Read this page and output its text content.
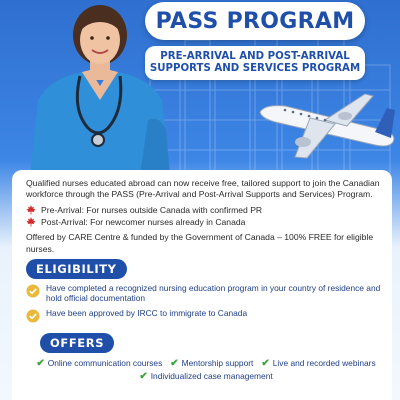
PASS PROGRAM
PRE-ARRIVAL AND POST-ARRIVAL
SUPPORTS AND SERVICES PROGRAM

Qualified nurses educated abroad can now receive free, tailored support to join the Canadian workforce through the PASS (Pre-Arrival and Post-Arrival Supports and Services) Program.

Pre-Arrival: For nurses outside Canada with confirmed PR
Post-Arrival: For newcomer nurses already in Canada

Offered by CARE Centre & funded by the Government of Canada – 100% FREE for eligible nurses.

ELIGIBILITY
Have completed a recognized nursing education program in your country of residence and hold official documentation
Have been approved by IRCC to immigrate to Canada
OFFERS
✔ Online communication courses ✔ Mentorship support ✔ Live and recorded webinars
✔ Individualized case management
